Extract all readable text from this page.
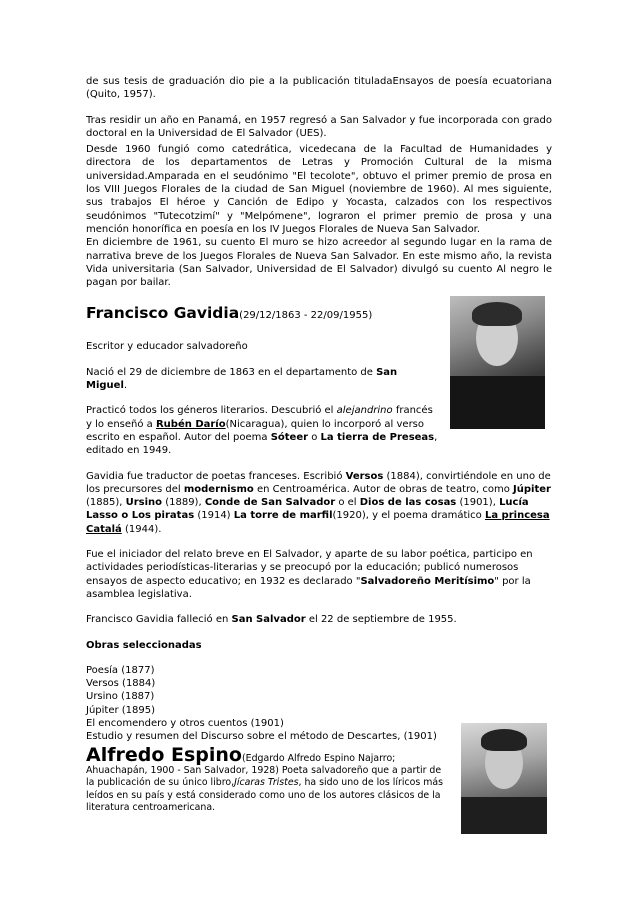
de sus tesis de graduación dio pie a la publicación tituladaEnsayos de poesía ecuatoriana (Quito, 1957).

Tras residir un año en Panamá, en 1957 regresó a San Salvador y fue incorporada con grado doctoral en la Universidad de El Salvador (UES).

Desde 1960 fungió como catedrática, vicedecana de la Facultad de Humanidades y directora de los departamentos de Letras y Promoción Cultural de la misma universidad.Amparada en el seudónimo "El tecolote", obtuvo el primer premio de prosa en los VIII Juegos Florales de la ciudad de San Miguel (noviembre de 1960). Al mes siguiente, sus trabajos El héroe y Canción de Edipo y Yocasta, calzados con los respectivos seudónimos "Tutecotzimí" y "Melpómene", lograron el primer premio de prosa y una mención honorífica en poesía en los IV Juegos Florales de Nueva San Salvador.

En diciembre de 1961, su cuento El muro se hizo acreedor al segundo lugar en la rama de narrativa breve de los Juegos Florales de Nueva San Salvador. En este mismo año, la revista Vida universitaria (San Salvador, Universidad de El Salvador) divulgó su cuento Al negro le pagan por bailar.

Francisco Gavidia(29/12/1863 - 22/09/1955)

Escritor y educador salvadoreño

Nació el 29 de diciembre de 1863 en el departamento de San Miguel.

Practicó todos los géneros literarios. Descubrió el alejandrino francés y lo enseñó a Rubén Darío(Nicaragua), quien lo incorporó al verso escrito en español. Autor del poema Sóteer o La tierra de Preseas, editado en 1949.

Gavidia fue traductor de poetas franceses. Escribió Versos (1884), convirtiéndole en uno de los precursores del modernismo en Centroamérica. Autor de obras de teatro, como Júpiter (1885), Ursino (1889), Conde de San Salvador o el Dios de las cosas (1901), Lucía Lasso o Los piratas (1914) La torre de marfil(1920), y el poema dramático La princesa Catalá (1944).

Fue el iniciador del relato breve en El Salvador, y aparte de su labor poética, participo en actividades periodísticas-literarias y se preocupó por la educación; publicó numerosos ensayos de aspecto educativo; en 1932 es declarado "Salvadoreño Meritísimo" por la asamblea legislativa.

Francisco Gavidia falleció en San Salvador el 22 de septiembre de 1955.

Obras seleccionadas

Poesía (1877)

Versos (1884)

Ursino (1887)

Júpiter (1895)

El encomendero y otros cuentos (1901)

Estudio y resumen del Discurso sobre el método de Descartes, (1901)

Alfredo Espino(Edgardo Alfredo Espino Najarro; Ahuachapán, 1900 - San Salvador, 1928) Poeta salvadoreño que a partir de la publicación de su único libro,Jícaras Tristes, ha sido uno de los líricos más leídos en su país y está considerado como uno de los autores clásicos de la literatura centroamericana.
